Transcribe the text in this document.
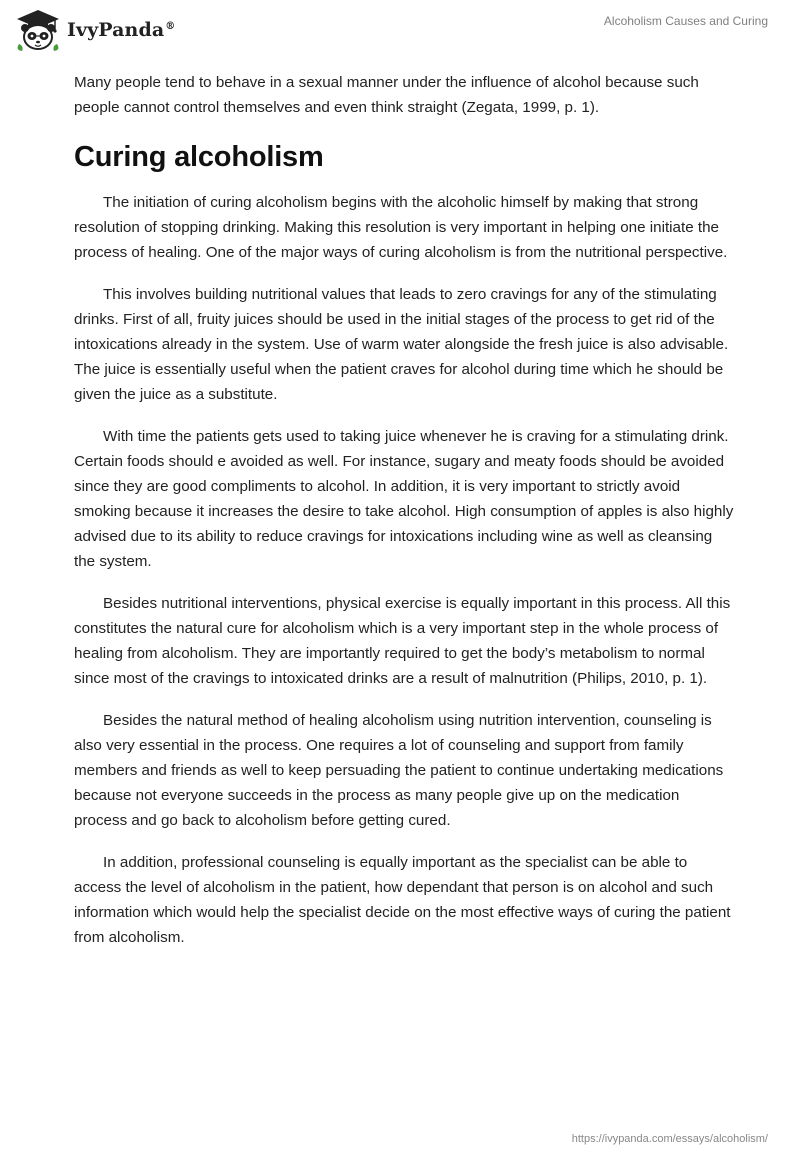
IvyPanda®	Alcoholism Causes and Curing

Many people tend to behave in a sexual manner under the influence of alcohol because such people cannot control themselves and even think straight (Zegata, 1999, p. 1).

Curing alcoholism

The initiation of curing alcoholism begins with the alcoholic himself by making that strong resolution of stopping drinking. Making this resolution is very important in helping one initiate the process of healing. One of the major ways of curing alcoholism is from the nutritional perspective.

This involves building nutritional values that leads to zero cravings for any of the stimulating drinks. First of all, fruity juices should be used in the initial stages of the process to get rid of the intoxications already in the system. Use of warm water alongside the fresh juice is also advisable. The juice is essentially useful when the patient craves for alcohol during time which he should be given the juice as a substitute.

With time the patients gets used to taking juice whenever he is craving for a stimulating drink. Certain foods should e avoided as well. For instance, sugary and meaty foods should be avoided since they are good compliments to alcohol. In addition, it is very important to strictly avoid smoking because it increases the desire to take alcohol. High consumption of apples is also highly advised due to its ability to reduce cravings for intoxications including wine as well as cleansing the system.

Besides nutritional interventions, physical exercise is equally important in this process. All this constitutes the natural cure for alcoholism which is a very important step in the whole process of healing from alcoholism. They are importantly required to get the body’s metabolism to normal since most of the cravings to intoxicated drinks are a result of malnutrition (Philips, 2010, p. 1).

Besides the natural method of healing alcoholism using nutrition intervention, counseling is also very essential in the process. One requires a lot of counseling and support from family members and friends as well to keep persuading the patient to continue undertaking medications because not everyone succeeds in the process as many people give up on the medication process and go back to alcoholism before getting cured.

In addition, professional counseling is equally important as the specialist can be able to access the level of alcoholism in the patient, how dependant that person is on alcohol and such information which would help the specialist decide on the most effective ways of curing the patient from alcoholism.

https://ivypanda.com/essays/alcoholism/
